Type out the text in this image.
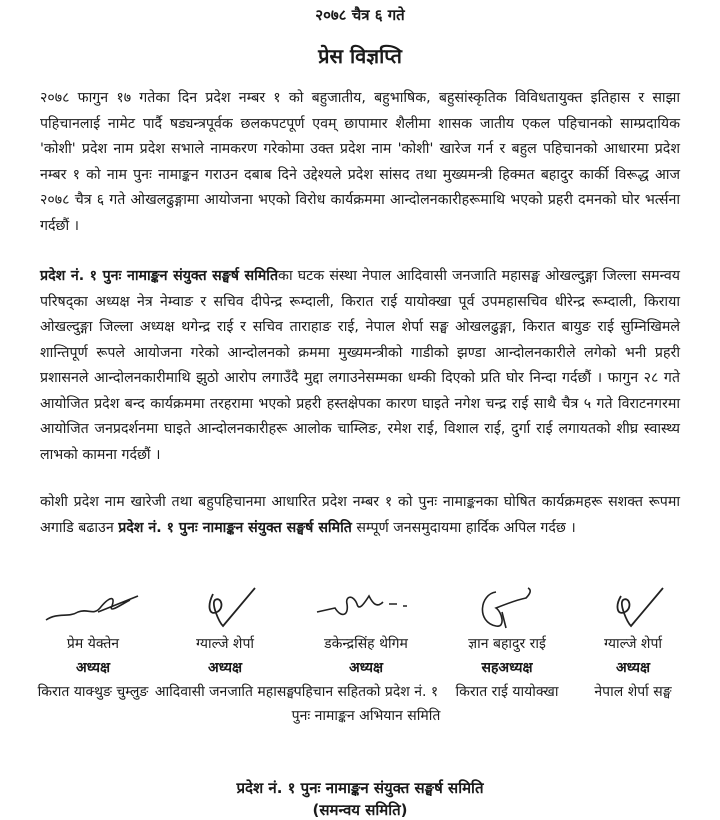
२०७८ चैत्र ६ गते
प्रेस विज्ञप्ति
२०७८ फागुन १७ गतेका दिन प्रदेश नम्बर १ को बहुजातीय, बहुभाषिक, बहुसांस्कृतिक विविधतायुक्त इतिहास र साझा पहिचानलाई नामेट पार्दै षड्यन्त्रपूर्वक छलकपटपूर्ण एवम् छापामार शैलीमा शासक जातीय एकल पहिचानको साम्प्रदायिक 'कोशी' प्रदेश नाम प्रदेश सभाले नामकरण गरेकोमा उक्त प्रदेश नाम 'कोशी' खारेज गर्न र बहुल पहिचानको आधारमा प्रदेश नम्बर १ को नाम पुनः नामाङ्कन गराउन दबाब दिने उद्देश्यले प्रदेश सांसद तथा मुख्यमन्त्री हिक्मत बहादुर कार्की विरूद्ध आज २०७८ चैत्र ६ गते ओखलढुङ्गामा आयोजना भएको विरोध कार्यक्रममा आन्दोलनकारीहरूमाथि भएको प्रहरी दमनको घोर भर्त्सना गर्दछौं ।
प्रदेश नं. १ पुनः नामाङ्कन संयुक्त सङ्घर्ष समितिका घटक संस्था नेपाल आदिवासी जनजाति महासङ्घ ओखल्दुङ्गा जिल्ला समन्वय परिषद्का अध्यक्ष नेत्र नेम्वाङ र सचिव दीपेन्द्र रूम्दाली, किरात राई यायोक्खा पूर्व उपमहासचिव धीरेन्द्र रूम्दाली, किराया ओखल्दुङ्गा जिल्ला अध्यक्ष थगेन्द्र राई र सचिव ताराहाङ राई, नेपाल शेर्पा सङ्घ ओखलढुङ्गा, किरात बायुङ राई सुम्निखिमले शान्तिपूर्ण रूपले आयोजना गरेको आन्दोलनको क्रममा मुख्यमन्त्रीको गाडीको झण्डा आन्दोलनकारीले लगेको भनी प्रहरी प्रशासनले आन्दोलनकारीमाथि झुठो आरोप लगाउँदै मुद्दा लगाउनेसम्मका धम्की दिएको प्रति घोर निन्दा गर्दछौं । फागुन २८ गते आयोजित प्रदेश बन्द कार्यक्रममा तरहरामा भएको प्रहरी हस्तक्षेपका कारण घाइते नगेश चन्द्र राई साथै चैत्र ५ गते विराटनगरमा आयोजित जनप्रदर्शनमा घाइते आन्दोलनकारीहरू आलोक चाम्लिङ, रमेश राई, विशाल राई, दुर्गा राई लगायतको शीघ्र स्वास्थ्य लाभको कामना गर्दछौं ।
कोशी प्रदेश नाम खारेजी तथा बहुपहिचानमा आधारित प्रदेश नम्बर १ को पुनः नामाङ्कनका घोषित कार्यक्रमहरू सशक्त रूपमा अगाडि बढाउन प्रदेश नं. १ पुनः नामाङ्कन संयुक्त सङ्घर्ष समिति सम्पूर्ण जनसमुदायमा हार्दिक अपिल गर्दछ ।
प्रेम येक्तेन
अध्यक्ष
किरात याक्थुङ चुम्लुङ
ग्याल्जे शेर्पा
अध्यक्ष
आदिवासी जनजाति महासङ्घ
डकेन्द्रसिंह थेगिम
अध्यक्ष
पहिचान सहितको प्रदेश नं. १ पुनः नामाङ्कन अभियान समिति
ज्ञान बहादुर राई
सहअध्यक्ष
किरात राई यायोक्खा
ग्याल्जे शेर्पा
अध्यक्ष
नेपाल शेर्पा सङ्घ
प्रदेश नं. १ पुनः नामाङ्कन संयुक्त सङ्घर्ष समिति
(समन्वय समिति)
